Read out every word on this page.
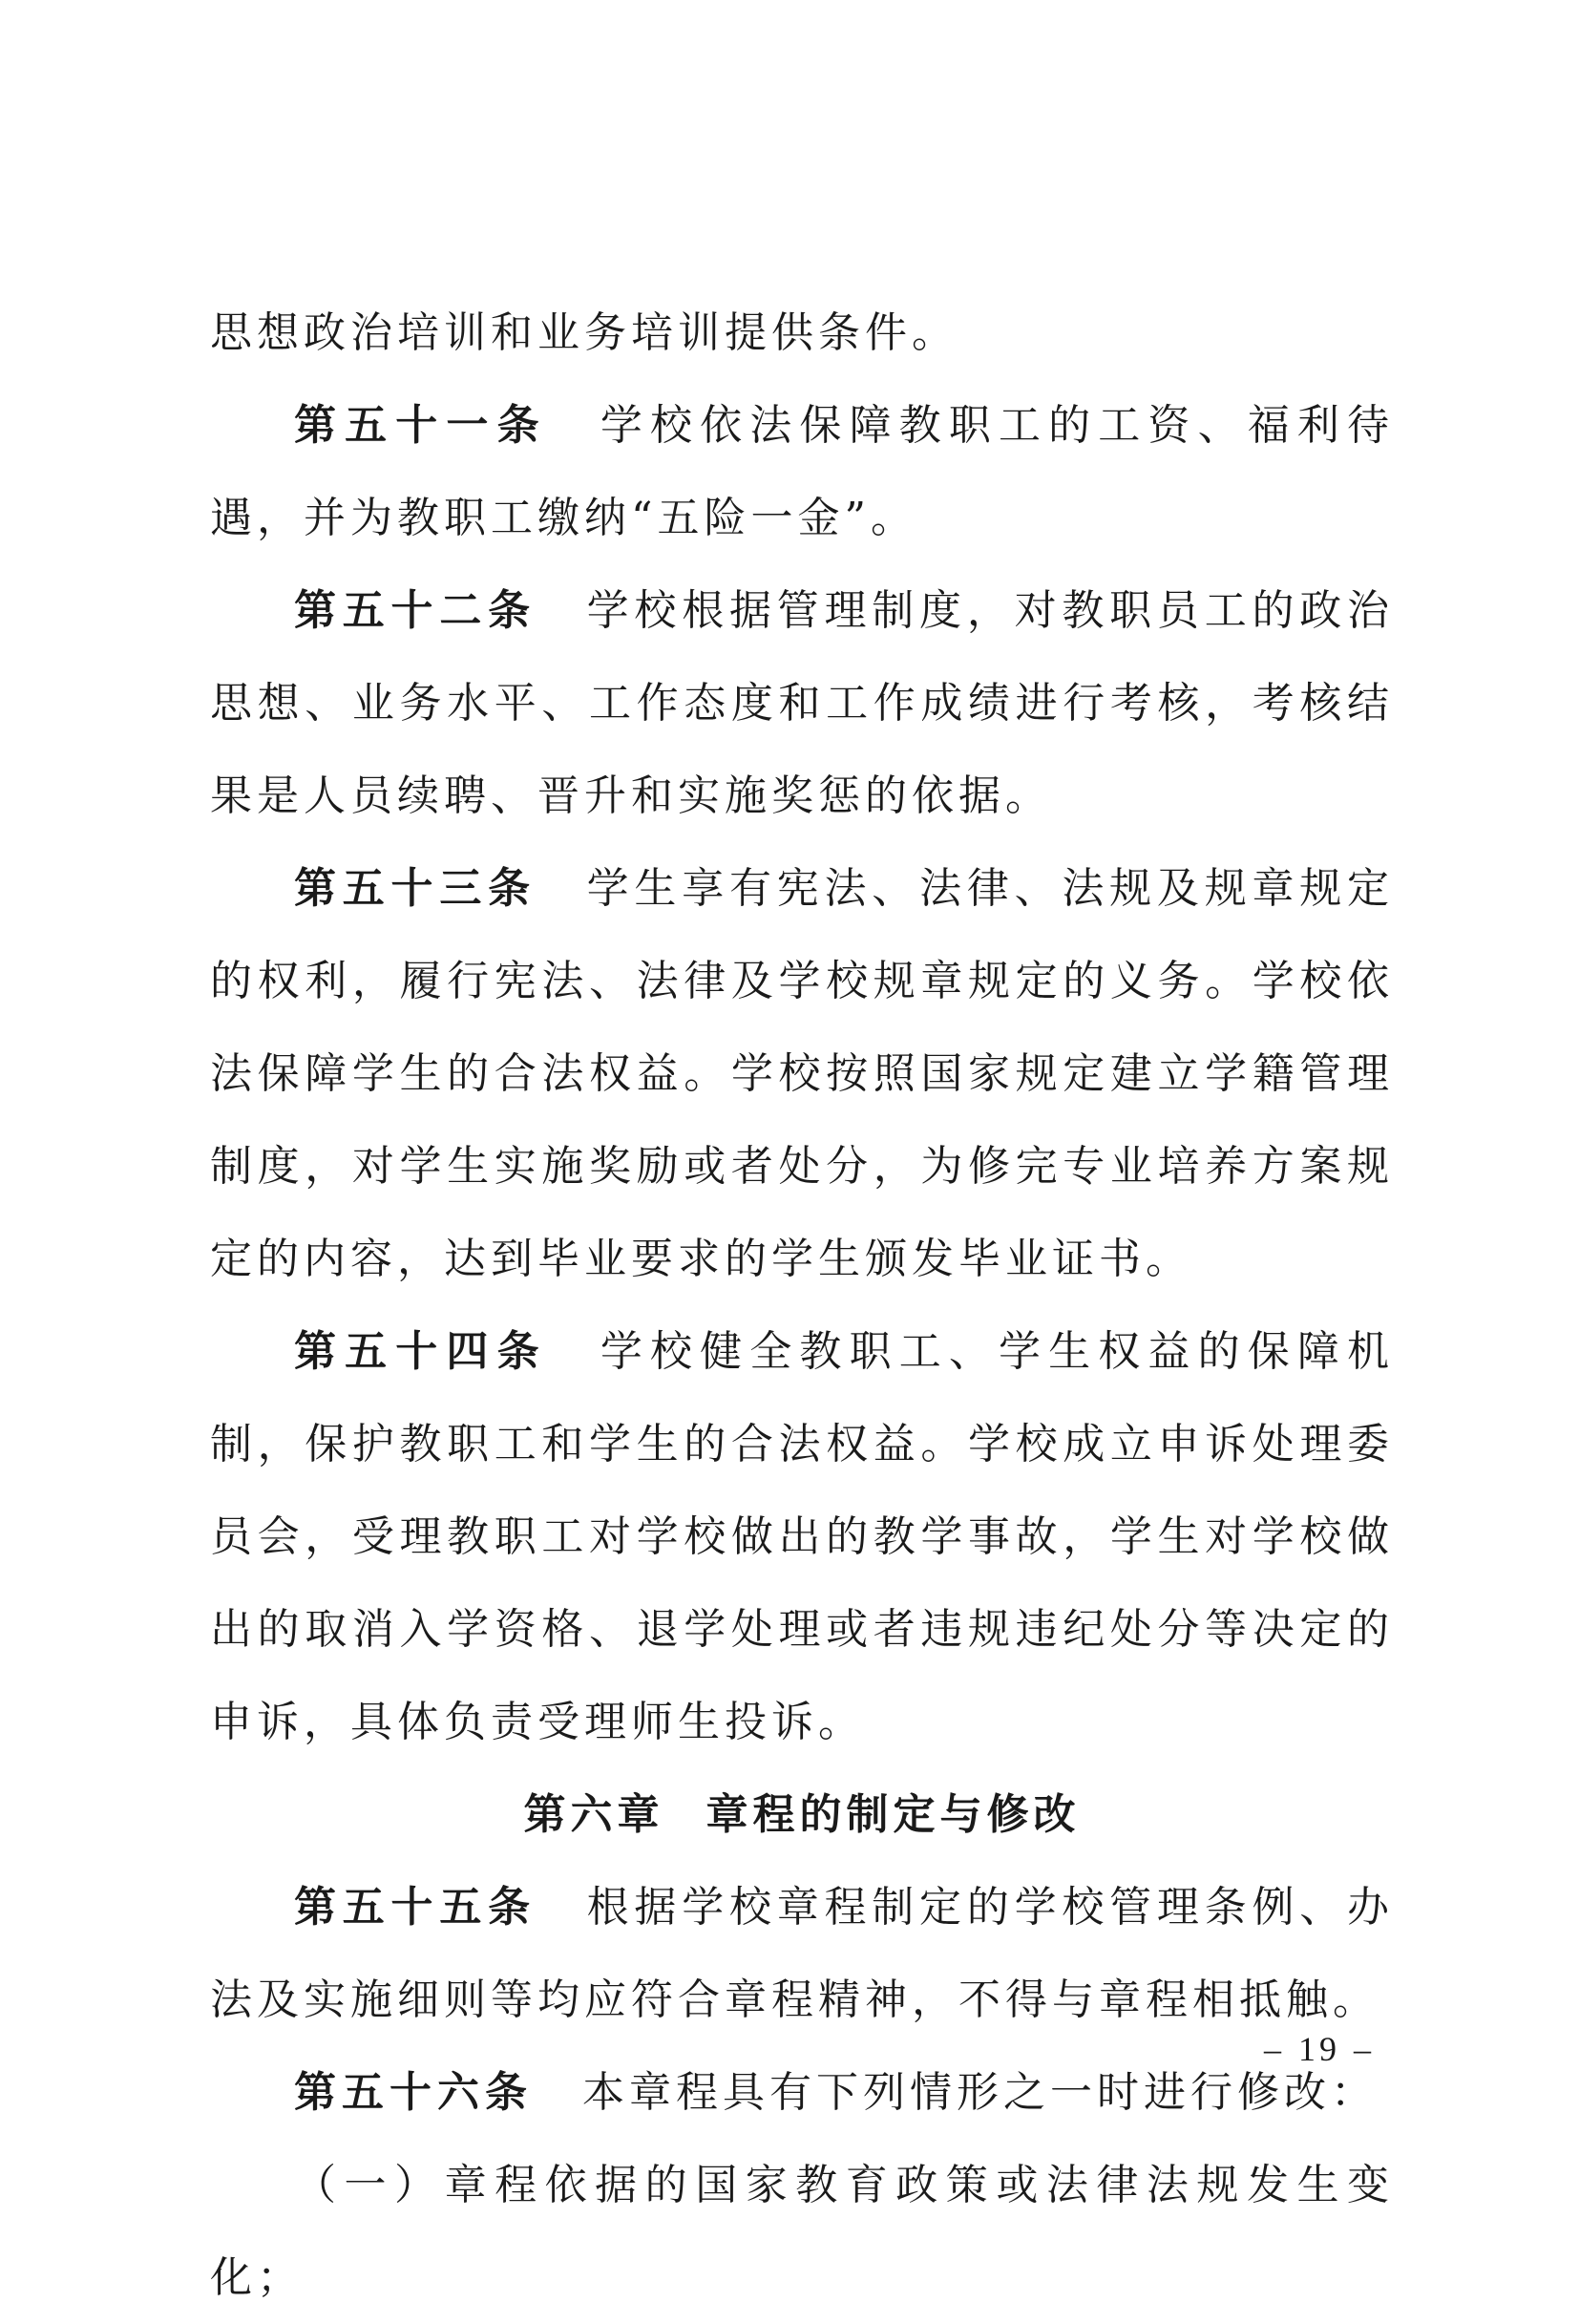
思想政治培训和业务培训提供条件。

第五十一条 学校依法保障教职工的工资、福利待遇，并为教职工缴纳“五险一金”。

第五十二条 学校根据管理制度，对教职员工的政治思想、业务水平、工作态度和工作成绩进行考核，考核结果是人员续聘、晋升和实施奖惩的依据。

第五十三条 学生享有宪法、法律、法规及规章规定的权利，履行宪法、法律及学校规章规定的义务。学校依法保障学生的合法权益。学校按照国家规定建立学籍管理制度，对学生实施奖励或者处分，为修完专业培养方案规定的内容，达到毕业要求的学生颁发毕业证书。

第五十四条 学校健全教职工、学生权益的保障机制，保护教职工和学生的合法权益。学校成立申诉处理委员会，受理教职工对学校做出的教学事故，学生对学校做出的取消入学资格、退学处理或者违规违纪处分等决定的申诉，具体负责受理师生投诉。

第六章 章程的制定与修改

第五十五条 根据学校章程制定的学校管理条例、办法及实施细则等均应符合章程精神，不得与章程相抵触。

第五十六条 本章程具有下列情形之一时进行修改：

（一）章程依据的国家教育政策或法律法规发生变化；

– 19 –
